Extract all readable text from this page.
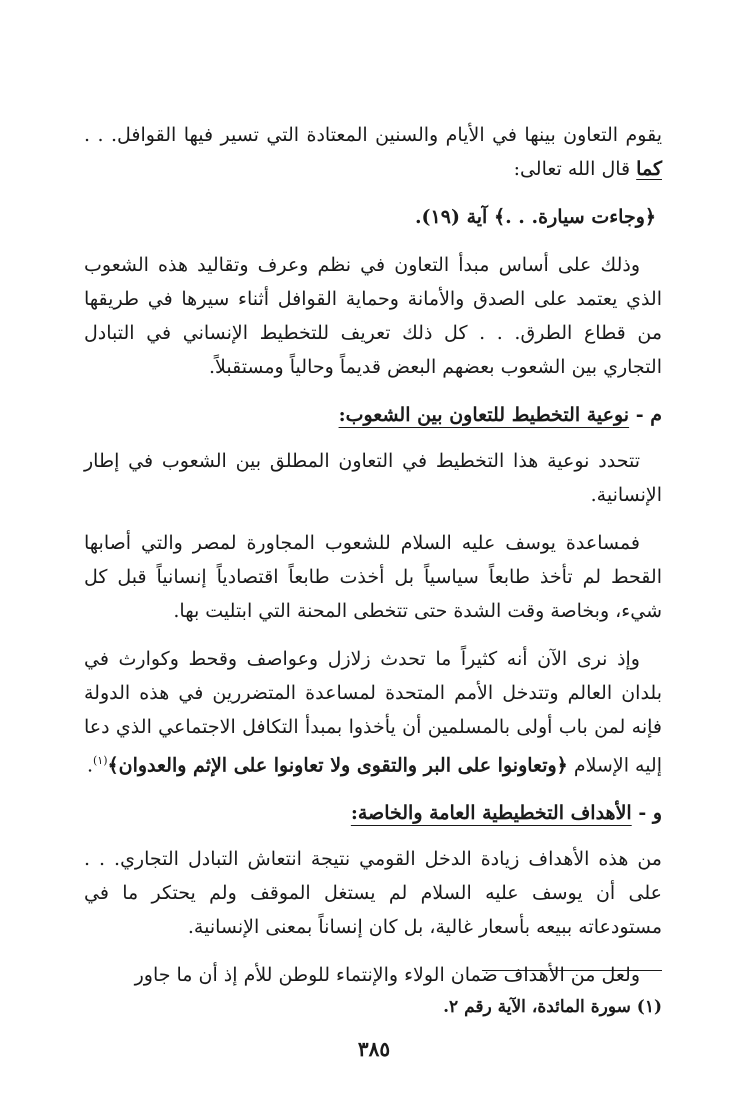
يقوم التعاون بينها في الأيام والسنين المعتادة التي تسير فيها القوافل. . . كما قال الله تعالى:

﴿وجاءت سيارة. . .﴾ آية (١٩).

وذلك على أساس مبدأ التعاون في نظم وعرف وتقاليد هذه الشعوب الذي يعتمد على الصدق والأمانة وحماية القوافل أثناء سيرها في طريقها من قطاع الطرق. . . كل ذلك تعريف للتخطيط الإنساني في التبادل التجاري بين الشعوب بعضهم البعض قديماً وحالياً ومستقبلاً.

م - نوعية التخطيط للتعاون بين الشعوب:

تتحدد نوعية هذا التخطيط في التعاون المطلق بين الشعوب في إطار الإنسانية.

فمساعدة يوسف عليه السلام للشعوب المجاورة لمصر والتي أصابها القحط لم تأخذ طابعاً سياسياً بل أخذت طابعاً اقتصادياً إنسانياً قبل كل شيء، وبخاصة وقت الشدة حتى تتخطى المحنة التي ابتليت بها.

وإذ نرى الآن أنه كثيراً ما تحدث زلازل وعواصف وقحط وكوارث في بلدان العالم وتتدخل الأمم المتحدة لمساعدة المتضررين في هذه الدولة فإنه لمن باب أولى بالمسلمين أن يأخذوا بمبدأ التكافل الاجتماعي الذي دعا إليه الإسلام ﴿وتعاونوا على البر والتقوى ولا تعاونوا على الإثم والعدوان﴾$^{(١)}$.

و - الأهداف التخطيطية العامة والخاصة:

من هذه الأهداف زيادة الدخل القومي نتيجة انتعاش التبادل التجاري. . . على أن يوسف عليه السلام لم يستغل الموقف ولم يحتكر ما في مستودعاته ببيعه بأسعار غالية، بل كان إنساناً بمعنى الإنسانية.

ولعل من الأهداف ضمان الولاء والإنتماء للوطن للأم إذ أن ما جاور

(١) سورة المائدة، الآية رقم ٢.
٣٨٥
